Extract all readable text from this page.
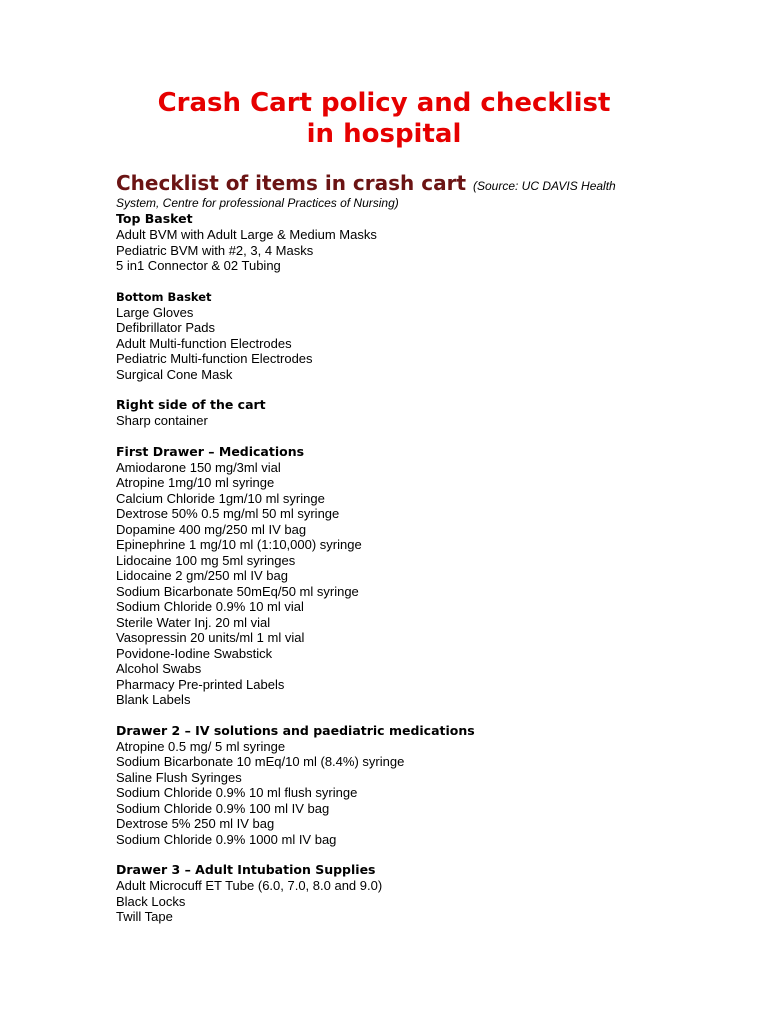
Crash Cart policy and checklist
in hospital
Checklist of items in crash cart (Source: UC DAVIS Health
System, Centre for professional Practices of Nursing)
Top Basket
Adult BVM with Adult Large & Medium Masks
Pediatric BVM with #2, 3, 4 Masks
5 in1 Connector & 02 Tubing
Bottom Basket
Large Gloves
Defibrillator Pads
Adult Multi-function Electrodes
Pediatric Multi-function Electrodes
Surgical Cone Mask
Right side of the cart
Sharp container
First Drawer – Medications
Amiodarone 150 mg/3ml vial
Atropine 1mg/10 ml syringe
Calcium Chloride 1gm/10 ml syringe
Dextrose 50% 0.5 mg/ml 50 ml syringe
Dopamine 400 mg/250 ml IV bag
Epinephrine 1 mg/10 ml (1:10,000) syringe
Lidocaine 100 mg 5ml syringes
Lidocaine 2 gm/250 ml IV bag
Sodium Bicarbonate 50mEq/50 ml syringe
Sodium Chloride 0.9% 10 ml vial
Sterile Water Inj. 20 ml vial
Vasopressin 20 units/ml 1 ml vial
Povidone-Iodine Swabstick
Alcohol Swabs
Pharmacy Pre-printed Labels
Blank Labels
Drawer 2 – IV solutions and paediatric medications
Atropine 0.5 mg/ 5 ml syringe
Sodium Bicarbonate 10 mEq/10 ml (8.4%) syringe
Saline Flush Syringes
Sodium Chloride 0.9% 10 ml flush syringe
Sodium Chloride 0.9% 100 ml IV bag
Dextrose 5% 250 ml IV bag
Sodium Chloride 0.9% 1000 ml IV bag
Drawer 3 – Adult Intubation Supplies
Adult Microcuff ET Tube (6.0, 7.0, 8.0 and 9.0)
Black Locks
Twill Tape
